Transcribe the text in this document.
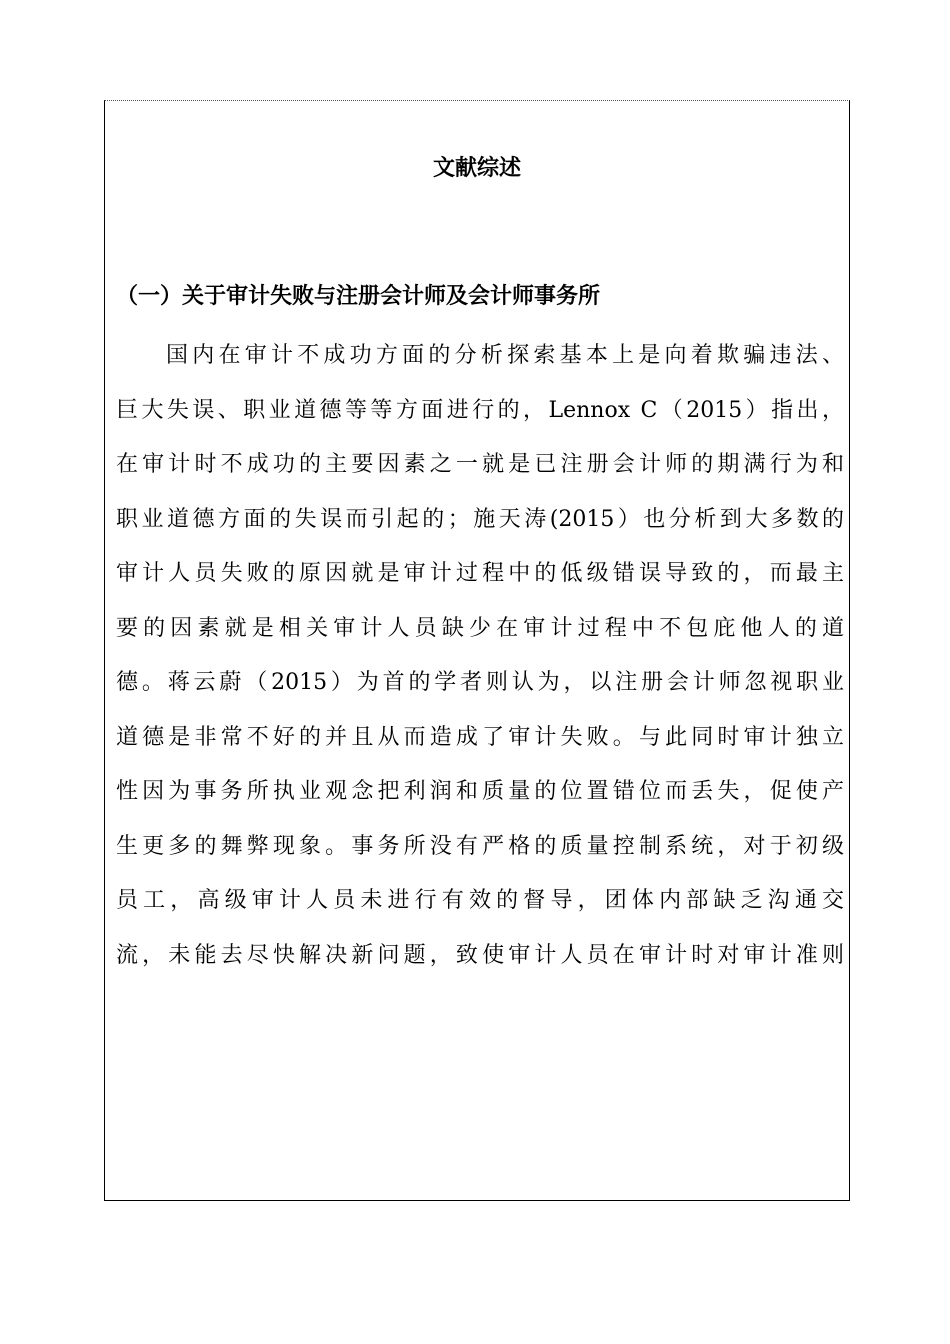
文献综述
（一）关于审计失败与注册会计师及会计师事务所
国内在审计不成功方面的分析探索基本上是向着欺骗违法、
巨大失误、职业道德等等方面进行的，Lennox C（2015）指出，
在审计时不成功的主要因素之一就是已注册会计师的期满行为和
职业道德方面的失误而引起的；施天涛(2015）也分析到大多数的
审计人员失败的原因就是审计过程中的低级错误导致的，而最主
要的因素就是相关审计人员缺少在审计过程中不包庇他人的道
德。蒋云蔚（2015）为首的学者则认为，以注册会计师忽视职业
道德是非常不好的并且从而造成了审计失败。与此同时审计独立
性因为事务所执业观念把利润和质量的位置错位而丢失，促使产
生更多的舞弊现象。事务所没有严格的质量控制系统，对于初级
员工，高级审计人员未进行有效的督导，团体内部缺乏沟通交
流，未能去尽快解决新问题，致使审计人员在审计时对审计准则
